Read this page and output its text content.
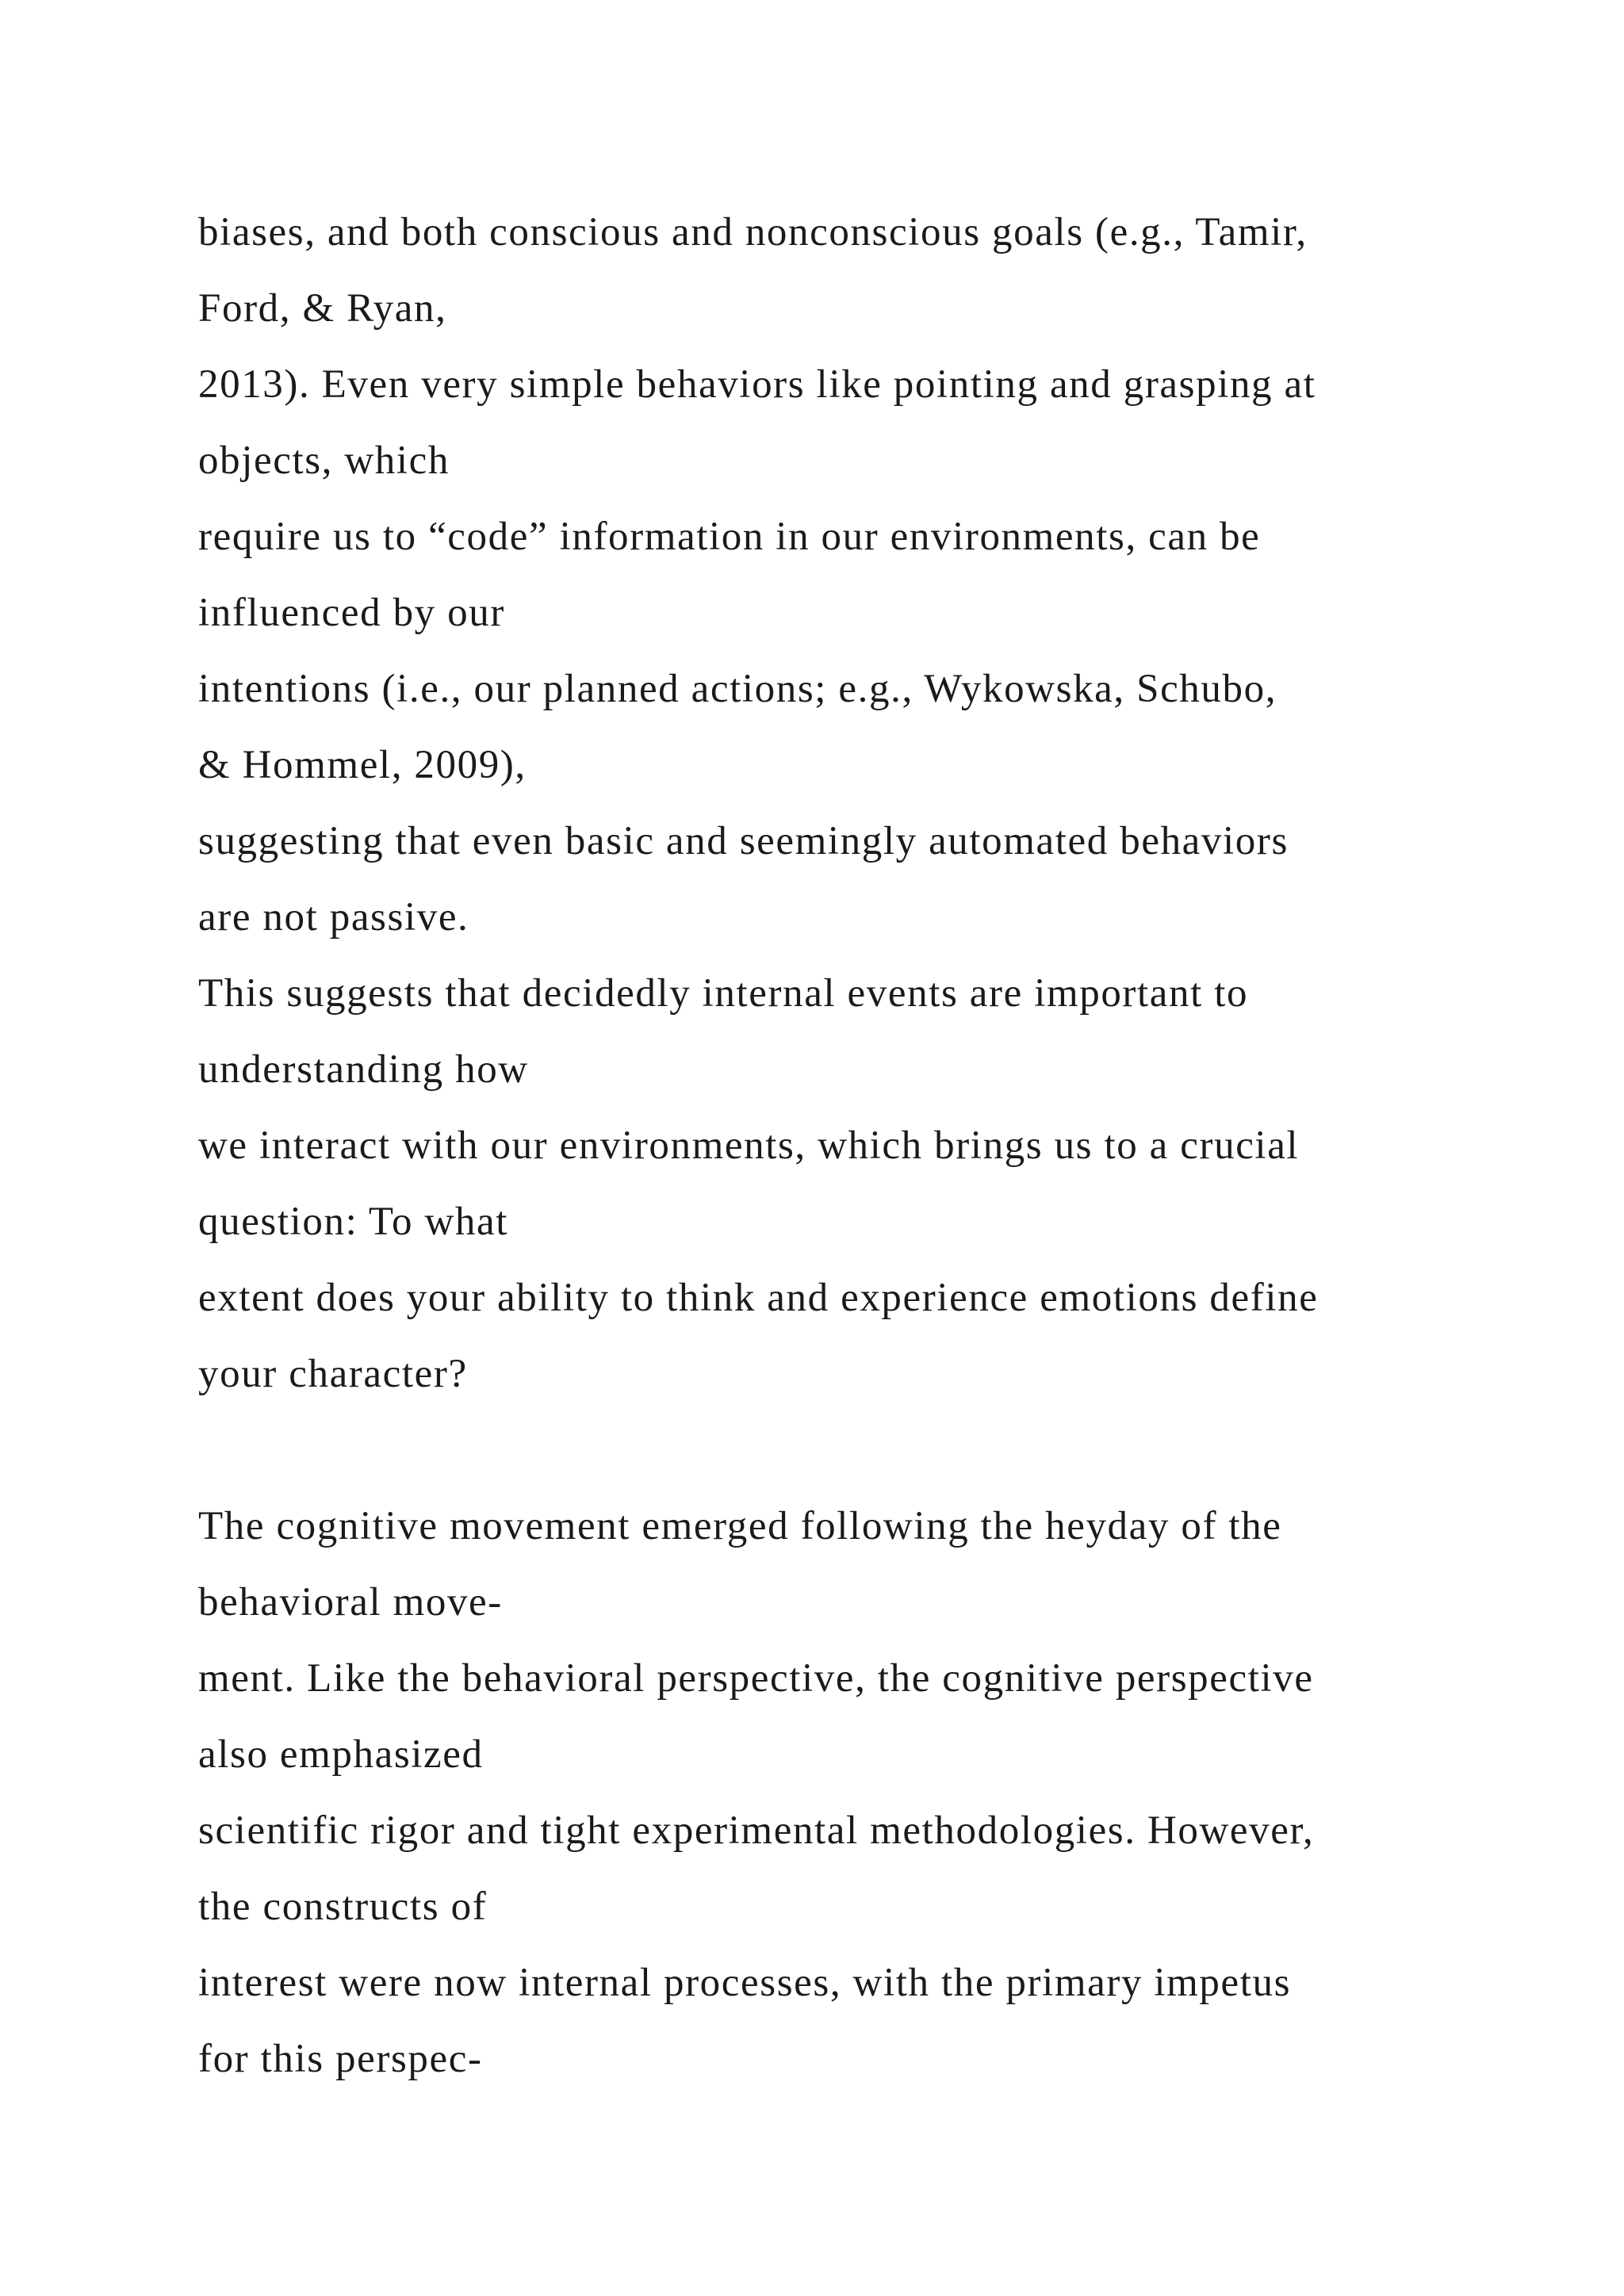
biases, and both conscious and nonconscious goals (e.g., Tamir,
Ford, & Ryan,
2013). Even very simple behaviors like pointing and grasping at
objects, which
require us to “code” information in our environments, can be
influenced by our
intentions (i.e., our planned actions; e.g., Wykowska, Schubo,
& Hommel, 2009),
suggesting that even basic and seemingly automated behaviors
are not passive.
This suggests that decidedly internal events are important to
understanding how
we interact with our environments, which brings us to a crucial
question: To what
extent does your ability to think and experience emotions define
your character?
The cognitive movement emerged following the heyday of the
behavioral move-
ment. Like the behavioral perspective, the cognitive perspective
also emphasized
scientific rigor and tight experimental methodologies. However,
the constructs of
interest were now internal processes, with the primary impetus
for this perspec-
